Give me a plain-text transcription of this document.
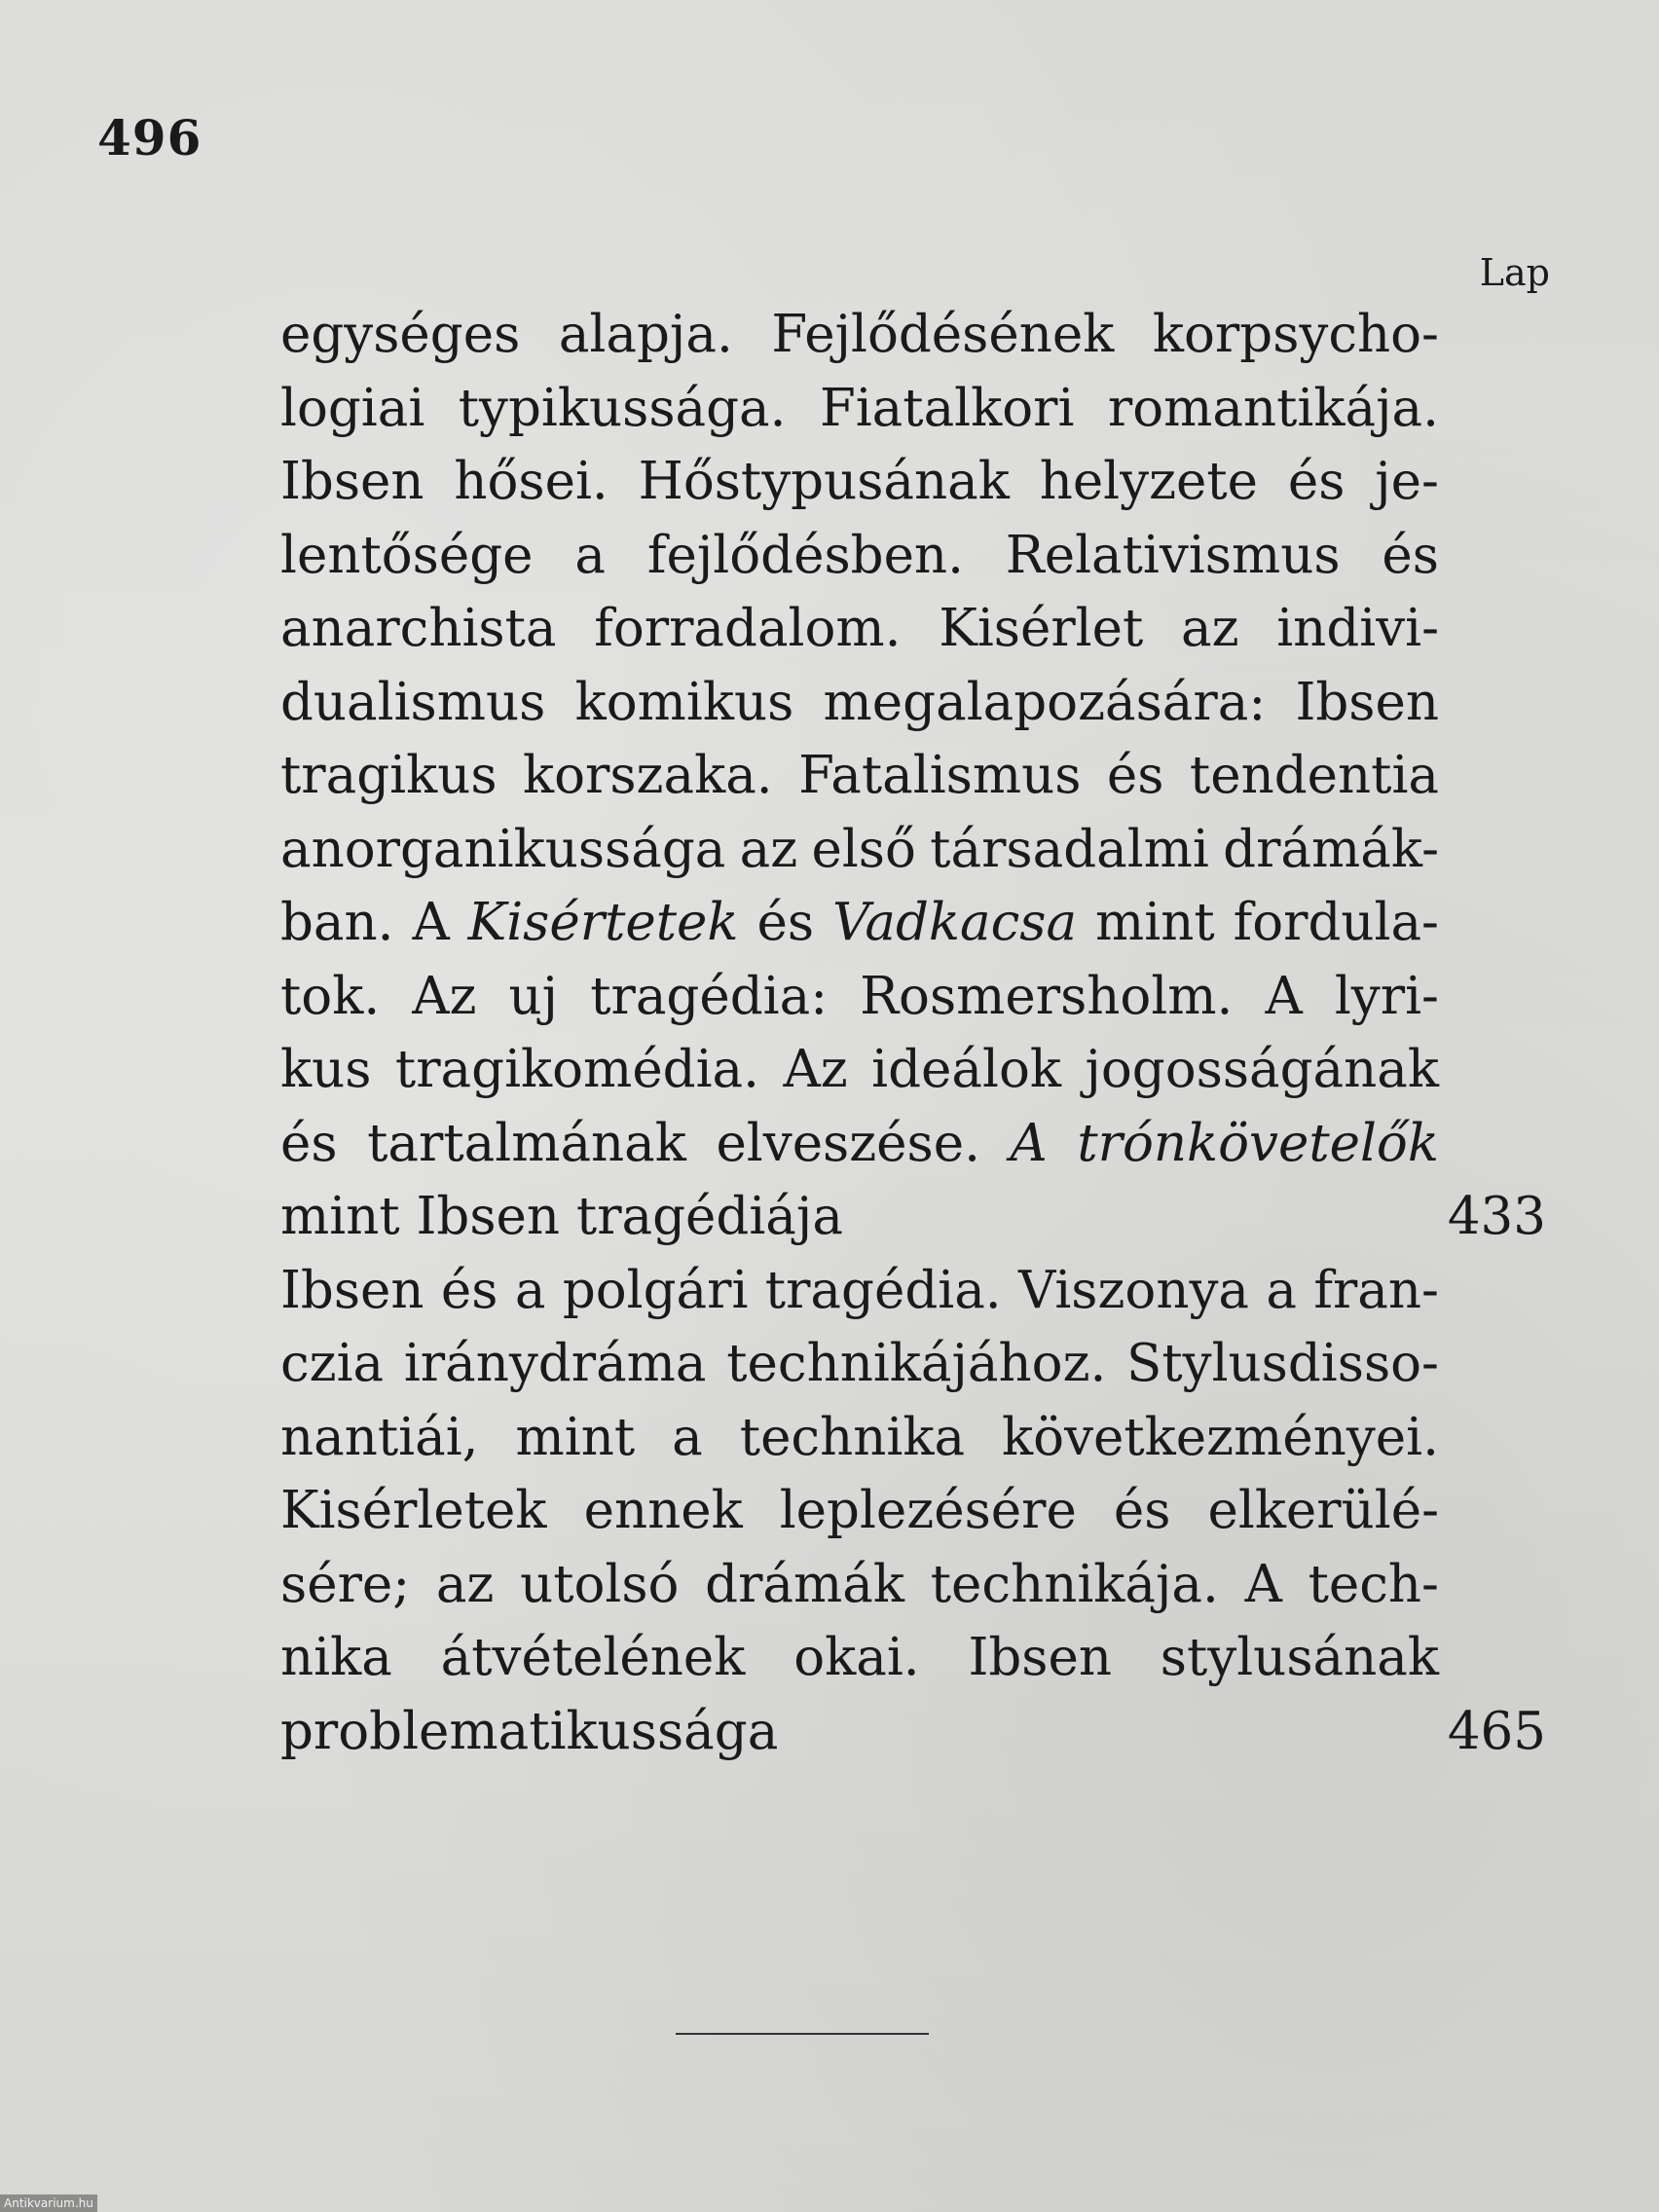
496
Lap
egységes alapja. Fejlődésének korpsycho-
logiai typikussága. Fiatalkori romantikája.
Ibsen hősei. Hőstypusának helyzete és je-
lentősége a fejlődésben. Relativismus és
anarchista forradalom. Kisérlet az indivi-
dualismus komikus megalapozására: Ibsen
tragikus korszaka. Fatalismus és tendentia
anorganikussága az első társadalmi drámák-
ban. A Kisértetek és Vadkacsa mint fordula-
tok. Az uj tragédia: Rosmersholm. A lyri-
kus tragikomédia. Az ideálok jogosságának
és tartalmának elveszése. A trónkövetelők
mint Ibsen tragédiája	433
Ibsen és a polgári tragédia. Viszonya a fran-
czia iránydráma technikájához. Stylusdisso-
nantiái, mint a technika következményei.
Kisérletek ennek leplezésére és elkerülé-
sére; az utolsó drámák technikája. A tech-
nika átvételének okai. Ibsen stylusának
problematikussága	465
Antikvarium.hu
